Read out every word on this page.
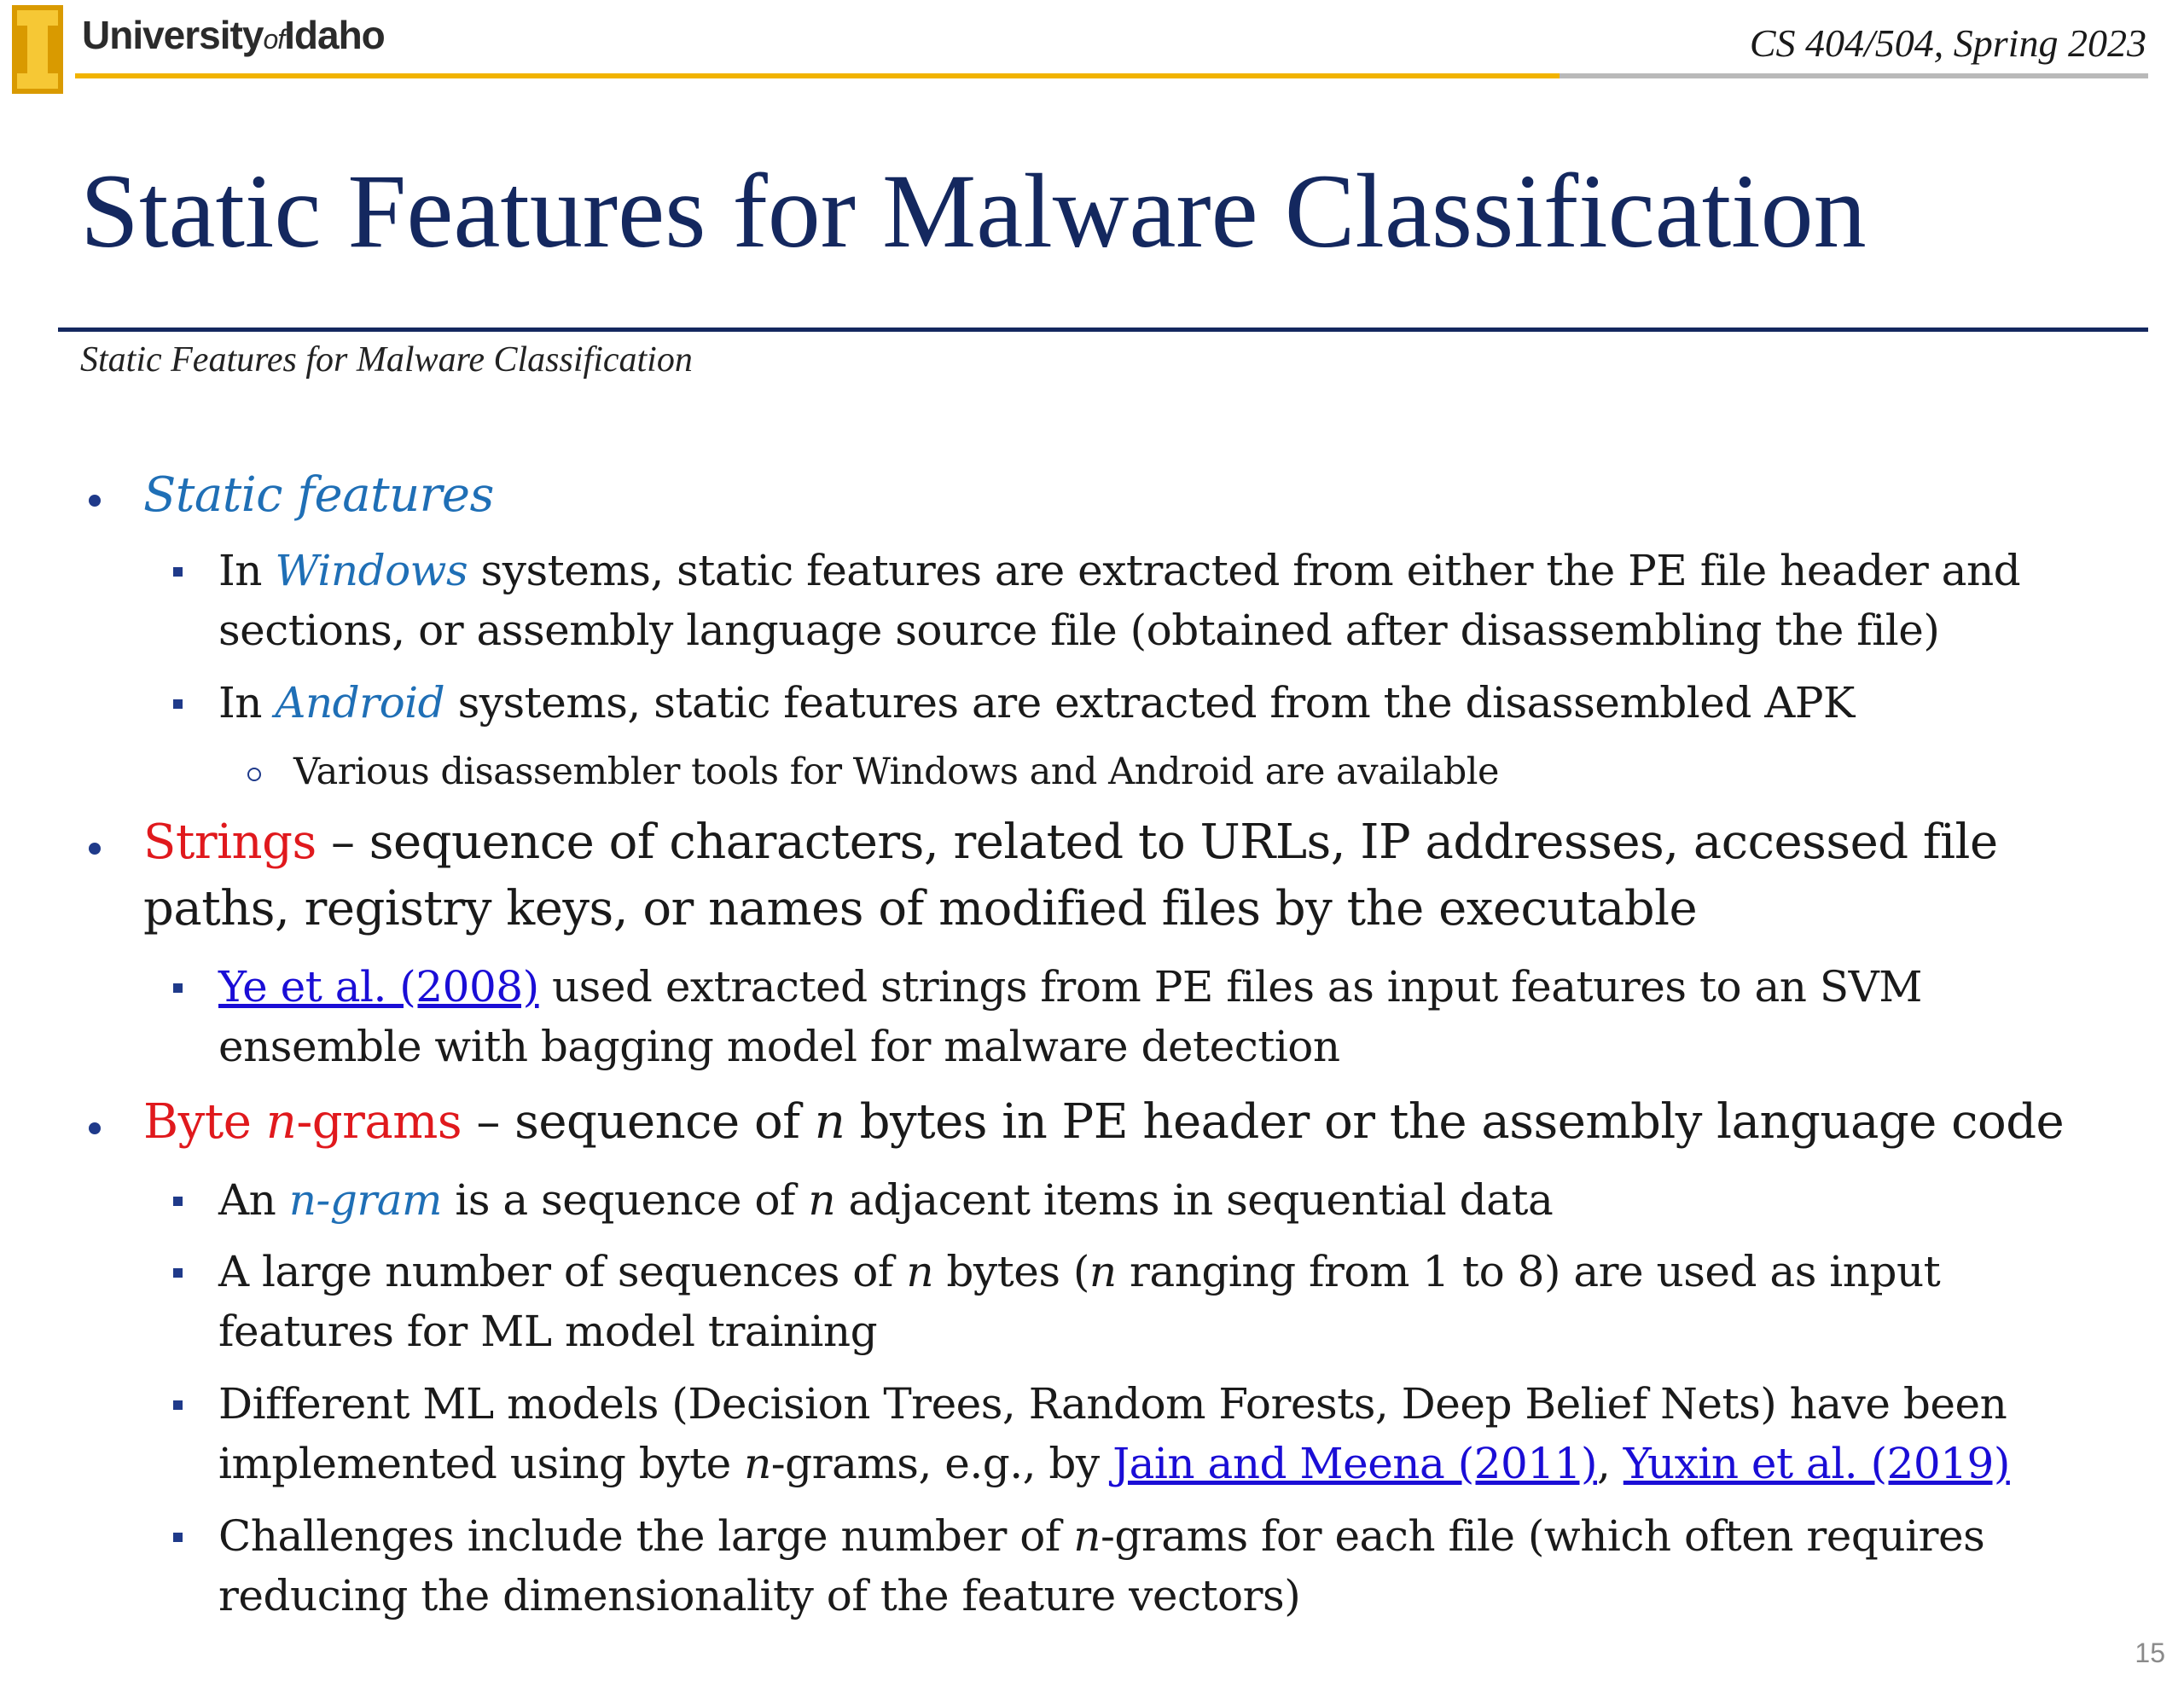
UniversityofIdaho	CS 404/504, Spring 2023
Static Features for Malware Classification
Static Features for Malware Classification
Static features
In Windows systems, static features are extracted from either the PE file header and
sections, or assembly language source file (obtained after disassembling the file)
In Android systems, static features are extracted from the disassembled APK
Various disassembler tools for Windows and Android are available
Strings – sequence of characters, related to URLs, IP addresses, accessed file
paths, registry keys, or names of modified files by the executable
Ye et al. (2008) used extracted strings from PE files as input features to an SVM
ensemble with bagging model for malware detection
Byte n-grams – sequence of n bytes in PE header or the assembly language code
An n-gram is a sequence of n adjacent items in sequential data
A large number of sequences of n bytes (n ranging from 1 to 8) are used as input
features for ML model training
Different ML models (Decision Trees, Random Forests, Deep Belief Nets) have been
implemented using byte n-grams, e.g., by Jain and Meena (2011), Yuxin et al. (2019)
Challenges include the large number of n-grams for each file (which often requires
reducing the dimensionality of the feature vectors)
15
